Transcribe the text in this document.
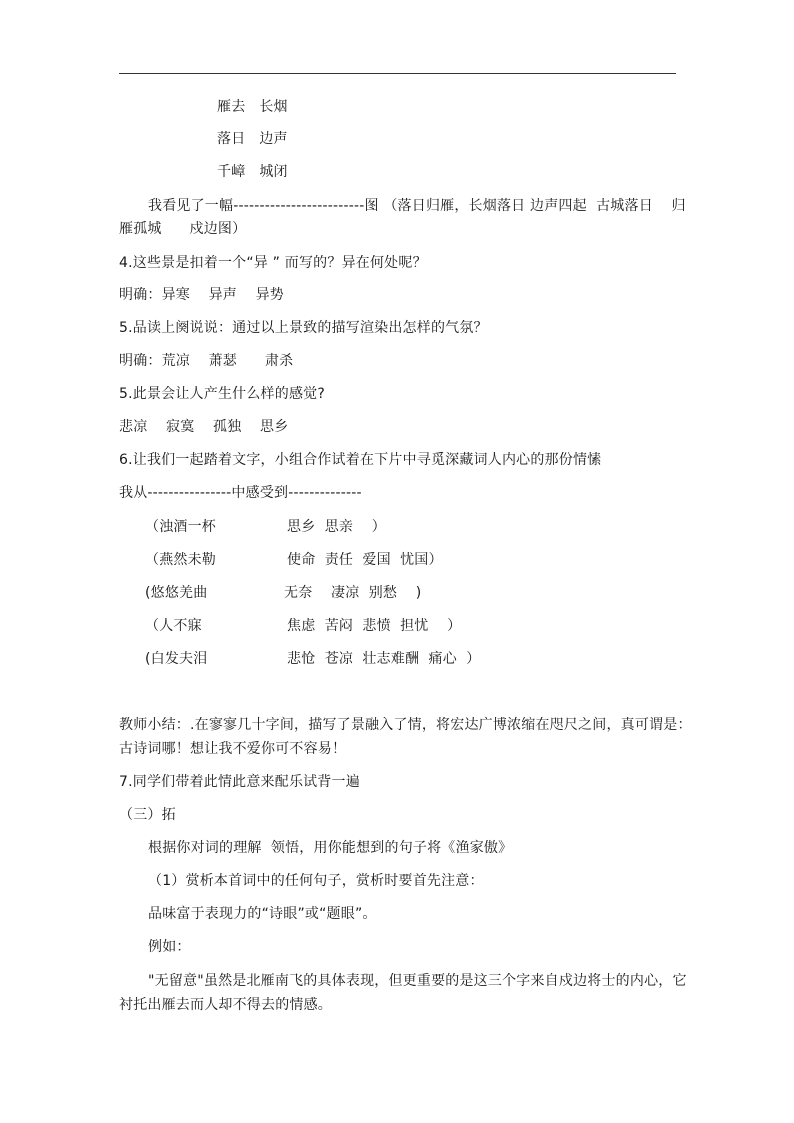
雁去 长烟
落日 边声
千嶂 城闭
我看见了一幅-------------------------图 （落日归雁，长烟落日 边声四起  古城落日    归
雁孤城      戍边图）
4.这些景是扣着一个“异 ” 而写的？异在何处呢？
明确：异寒    异声    异势
5.品读上阕说说：通过以上景致的描写渲染出怎样的气氛？
明确：荒凉    萧瑟      肃杀
5.此景会让人产生什么样的感觉?
悲凉    寂寞    孤独    思乡
6.让我们一起踏着文字，小组合作试着在下片中寻觅深藏词人内心的那份情愫
我从----------------中感受到--------------
（浊酒一杯	思乡  思亲    ）
（燕然未勒	使命  责任  爱国  忧国）
(悠悠羌曲	无奈    凄凉  别愁    )
（人不寐	焦虑  苦闷  悲愤  担忧    ）
(白发夫泪	悲怆  苍凉  壮志难酬  痛心  ）
教师小结：.在寥寥几十字间，描写了景融入了情，将宏达广博浓缩在咫尺之间，真可谓是：
古诗词哪！想让我不爱你可不容易！
7.同学们带着此情此意来配乐试背一遍
（三）拓
根据你对词的理解  领悟，用你能想到的句子将《渔家傲》
（1）赏析本首词中的任何句子，赏析时要首先注意：
品味富于表现力的“诗眼”或“题眼”。
例如：
"无留意"虽然是北雁南飞的具体表现，但更重要的是这三个字来自戍边将士的内心，它
衬托出雁去而人却不得去的情感。
